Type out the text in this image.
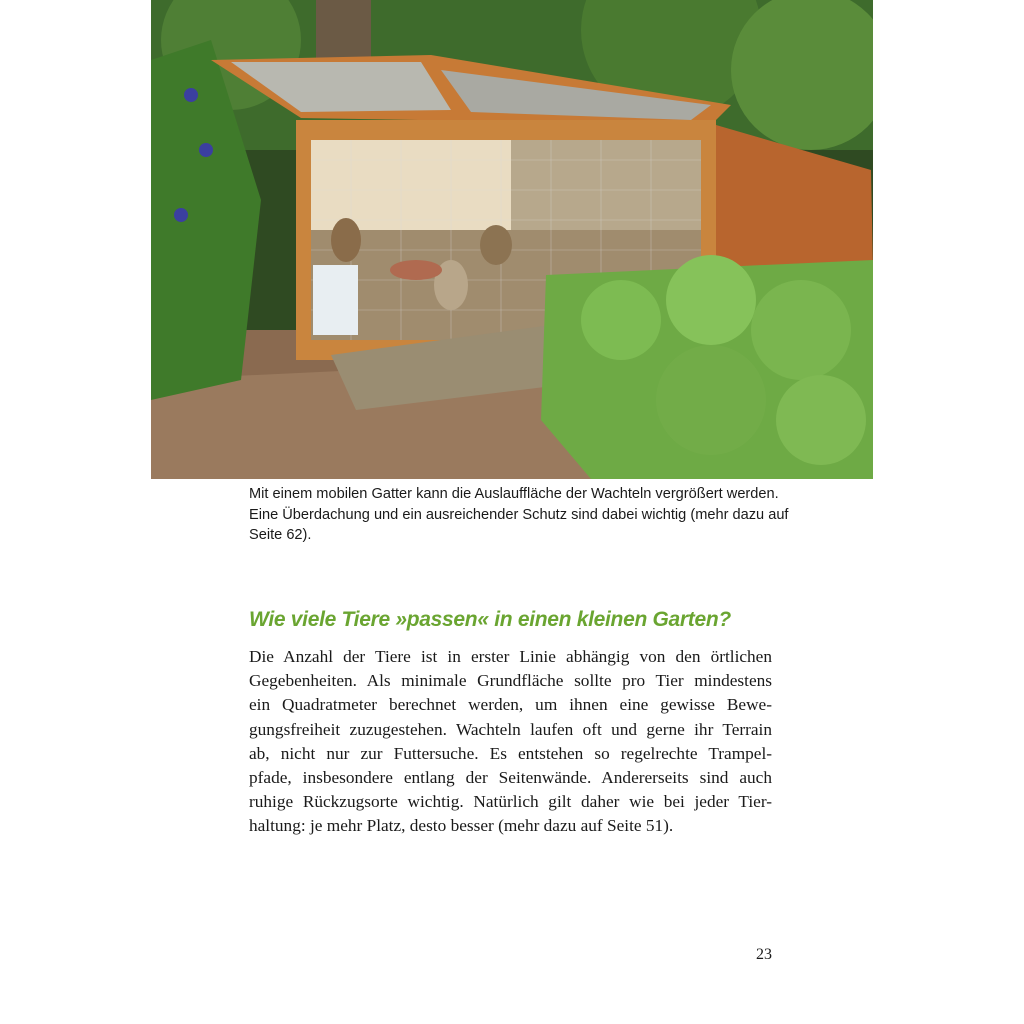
Mit einem mobilen Gatter kann die Auslauffläche der Wachteln vergrößert werden.
Eine Überdachung und ein ausreichender Schutz sind dabei wichtig (mehr dazu auf
Seite 62).
Wie viele Tiere »passen« in einen kleinen Garten?
Die Anzahl der Tiere ist in erster Linie abhängig von den örtlichen
Gegebenheiten. Als minimale Grundfläche sollte pro Tier mindestens
ein Quadratmeter berechnet werden, um ihnen eine gewisse Bewe-
gungsfreiheit zuzugestehen. Wachteln laufen oft und gerne ihr Terrain
ab, nicht nur zur Futtersuche. Es entstehen so regelrechte Trampel-
pfade, insbesondere entlang der Seitenwände. Andererseits sind auch
ruhige Rückzugsorte wichtig. Natürlich gilt daher wie bei jeder Tier-
haltung: je mehr Platz, desto besser (mehr dazu auf Seite 51).
23
